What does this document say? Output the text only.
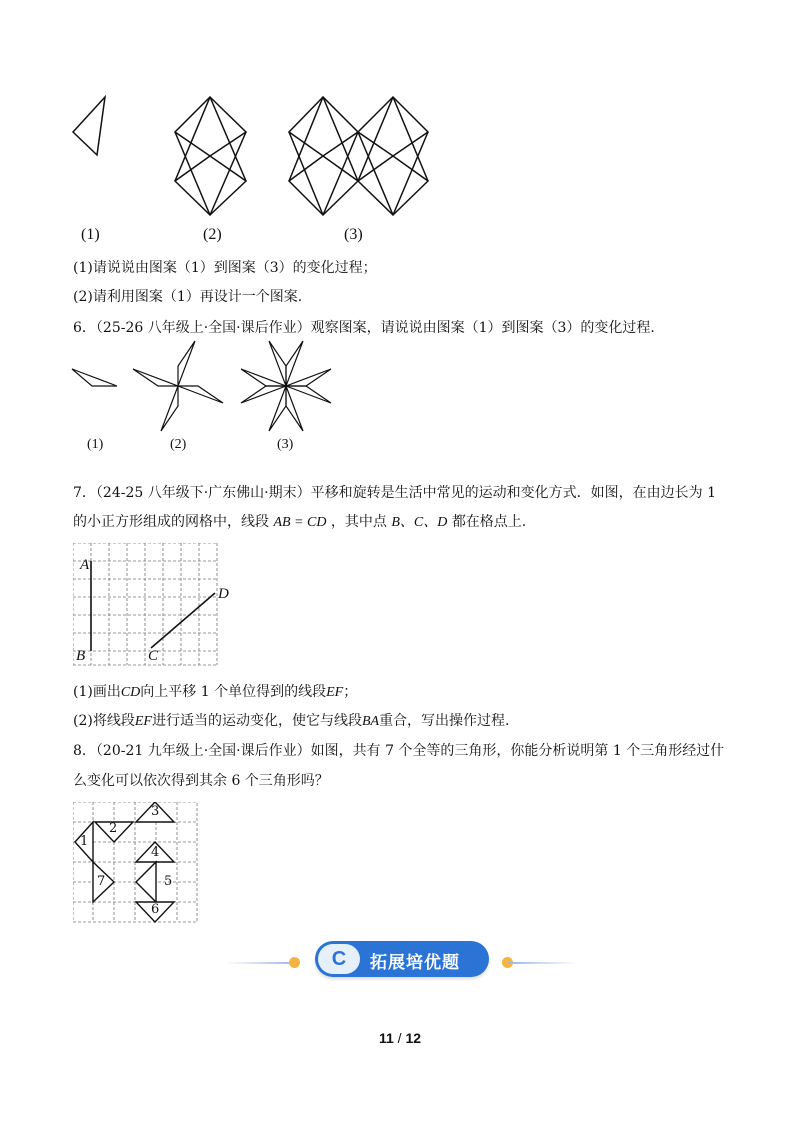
(1)	(2)	(3)
(1)请说说由图案（1）到图案（3）的变化过程；
(2)请利用图案（1）再设计一个图案.
6．（25-26 八年级上·全国·课后作业）观察图案，请说说由图案（1）到图案（3）的变化过程.
(1)	(2)	(3)
7．（24-25 八年级下·广东佛山·期末）平移和旋转是生活中常见的运动和变化方式．如图，在由边长为 1
的小正方形组成的网格中，线段 AB = CD ，其中点 B、C、D 都在格点上.
A
B	C
D
(1)画出CD向上平移 1 个单位得到的线段EF；
(2)将线段EF进行适当的运动变化，使它与线段BA重合，写出操作过程.
8．（20-21 九年级上·全国·课后作业）如图，共有 7 个全等的三角形，你能分析说明第 1 个三角形经过什
么变化可以依次得到其余 6 个三角形吗？
1
2
3
4
5
6
7
C	拓展培优题
11 / 12
